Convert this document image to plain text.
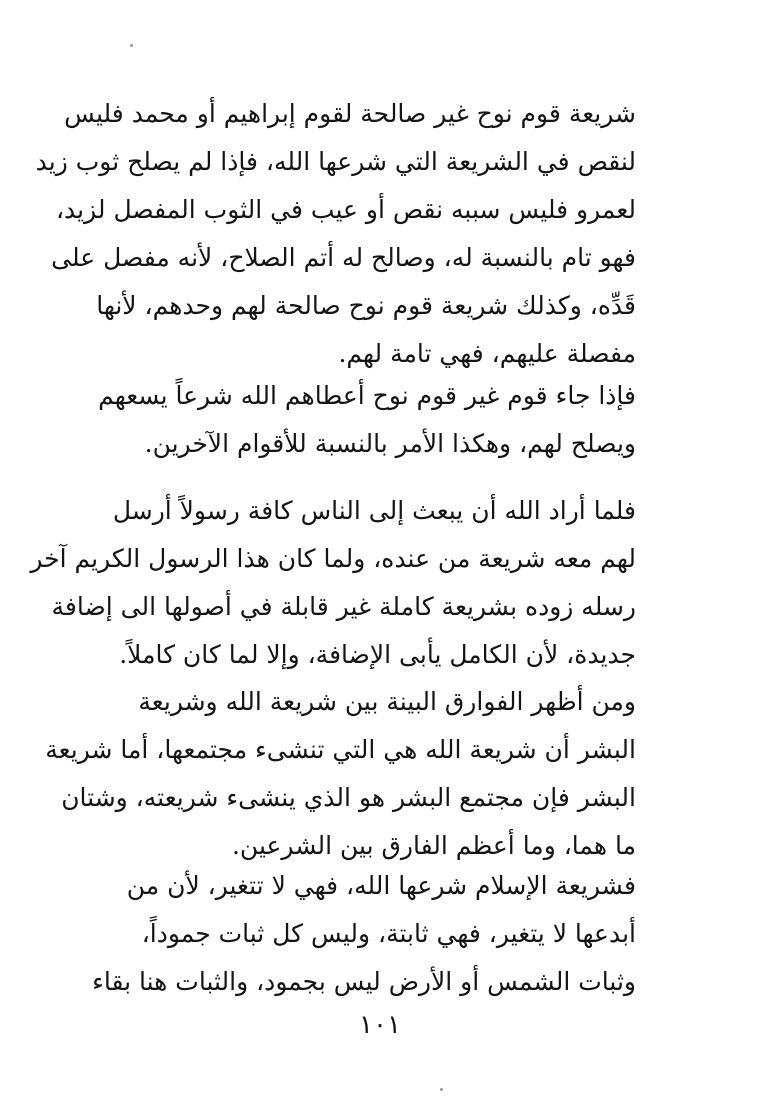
شريعة قوم نوح غير صالحة لقوم إبراهيم أو محمد فليس
لنقص في الشريعة التي شرعها الله، فإذا لم يصلح ثوب زيد
لعمرو فليس سببه نقص أو عيب في الثوب المفصل لزيد،
فهو تام بالنسبة له، وصالح له أتم الصلاح، لأنه مفصل على
قَدِّه، وكذلك شريعة قوم نوح صالحة لهم وحدهم، لأنها
مفصلة عليهم، فهي تامة لهم.
فإذا جاء قوم غير قوم نوح أعطاهم الله شرعاً يسعهم
ويصلح لهم، وهكذا الأمر بالنسبة للأقوام الآخرين.
فلما أراد الله أن يبعث إلى الناس كافة رسولاً أرسل
لهم معه شريعة من عنده، ولما كان هذا الرسول الكريم آخر
رسله زوده بشريعة كاملة غير قابلة في أصولها الى إضافة
جديدة، لأن الكامل يأبى الإضافة، وإلا لما كان كاملاً.
ومن أظهر الفوارق البينة بين شريعة الله وشريعة
البشر أن شريعة الله هي التي تنشىء مجتمعها، أما شريعة
البشر فإن مجتمع البشر هو الذي ينشىء شريعته، وشتان
ما هما، وما أعظم الفارق بين الشرعين.
فشريعة الإسلام شرعها الله، فهي لا تتغير، لأن من
أبدعها لا يتغير، فهي ثابتة، وليس كل ثبات جموداً،
وثبات الشمس أو الأرض ليس بجمود، والثبات هنا بقاء
١٠١
